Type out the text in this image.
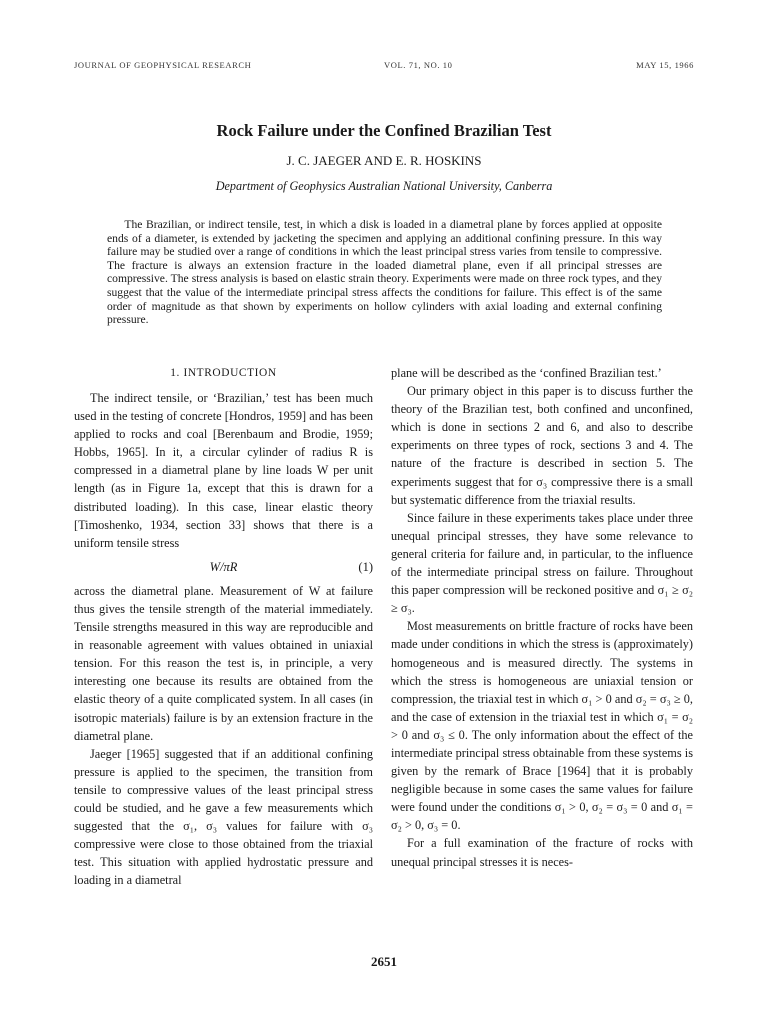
JOURNAL OF GEOPHYSICAL RESEARCH	VOL. 71, NO. 10	MAY 15, 1966
Rock Failure under the Confined Brazilian Test
J. C. JAEGER AND E. R. HOSKINS
Department of Geophysics Australian National University, Canberra

The Brazilian, or indirect tensile, test, in which a disk is loaded in a diametral plane by forces applied at opposite ends of a diameter, is extended by jacketing the specimen and applying an additional confining pressure. In this way failure may be studied over a range of conditions in which the least principal stress varies from tensile to compressive. The fracture is always an extension fracture in the loaded diametral plane, even if all principal stresses are compressive. The stress analysis is based on elastic strain theory. Experiments were made on three rock types, and they suggest that the value of the intermediate principal stress affects the conditions for failure. This effect is of the same order of magnitude as that shown by experiments on hollow cylinders with axial loading and external confining pressure.

1. INTRODUCTION

The indirect tensile, or ‘Brazilian,’ test has been much used in the testing of concrete [Hondros, 1959] and has been applied to rocks and coal [Berenbaum and Brodie, 1959; Hobbs, 1965]. In it, a circular cylinder of radius R is compressed in a diametral plane by line loads W per unit length (as in Figure 1a, except that this is drawn for a distributed loading). In this case, linear elastic theory [Timoshenko, 1934, section 33] shows that there is a uniform tensile stress

W/πR	(1)

across the diametral plane. Measurement of W at failure thus gives the tensile strength of the material immediately. Tensile strengths measured in this way are reproducible and in reasonable agreement with values obtained in uniaxial tension. For this reason the test is, in principle, a very interesting one because its results are obtained from the elastic theory of a quite complicated system. In all cases (in isotropic materials) failure is by an extension fracture in the diametral plane.

Jaeger [1965] suggested that if an additional confining pressure is applied to the specimen, the transition from tensile to compressive values of the least principal stress could be studied, and he gave a few measurements which suggested that the σ₁, σ₃ values for failure with σ₃ compressive were close to those obtained from the triaxial test. This situation with applied hydrostatic pressure and loading in a diametral

plane will be described as the ‘confined Brazilian test.’

Our primary object in this paper is to discuss further the theory of the Brazilian test, both confined and unconfined, which is done in sections 2 and 6, and also to describe experiments on three types of rock, sections 3 and 4. The nature of the fracture is described in section 5. The experiments suggest that for σ₃ compressive there is a small but systematic difference from the triaxial results.

Since failure in these experiments takes place under three unequal principal stresses, they have some relevance to general criteria for failure and, in particular, to the influence of the intermediate principal stress on failure. Throughout this paper compression will be reckoned positive and σ₁ ≥ σ₂ ≥ σ₃.

Most measurements on brittle fracture of rocks have been made under conditions in which the stress is (approximately) homogeneous and is measured directly. The systems in which the stress is homogeneous are uniaxial tension or compression, the triaxial test in which σ₁ > 0 and σ₂ = σ₃ ≥ 0, and the case of extension in the triaxial test in which σ₁ = σ₂ > 0 and σ₃ ≤ 0. The only information about the effect of the intermediate principal stress obtainable from these systems is given by the remark of Brace [1964] that it is probably negligible because in some cases the same values for failure were found under the conditions σ₁ > 0, σ₂ = σ₃ = 0 and σ₁ = σ₂ > 0, σ₃ = 0.

For a full examination of the fracture of rocks with unequal principal stresses it is neces-

2651
